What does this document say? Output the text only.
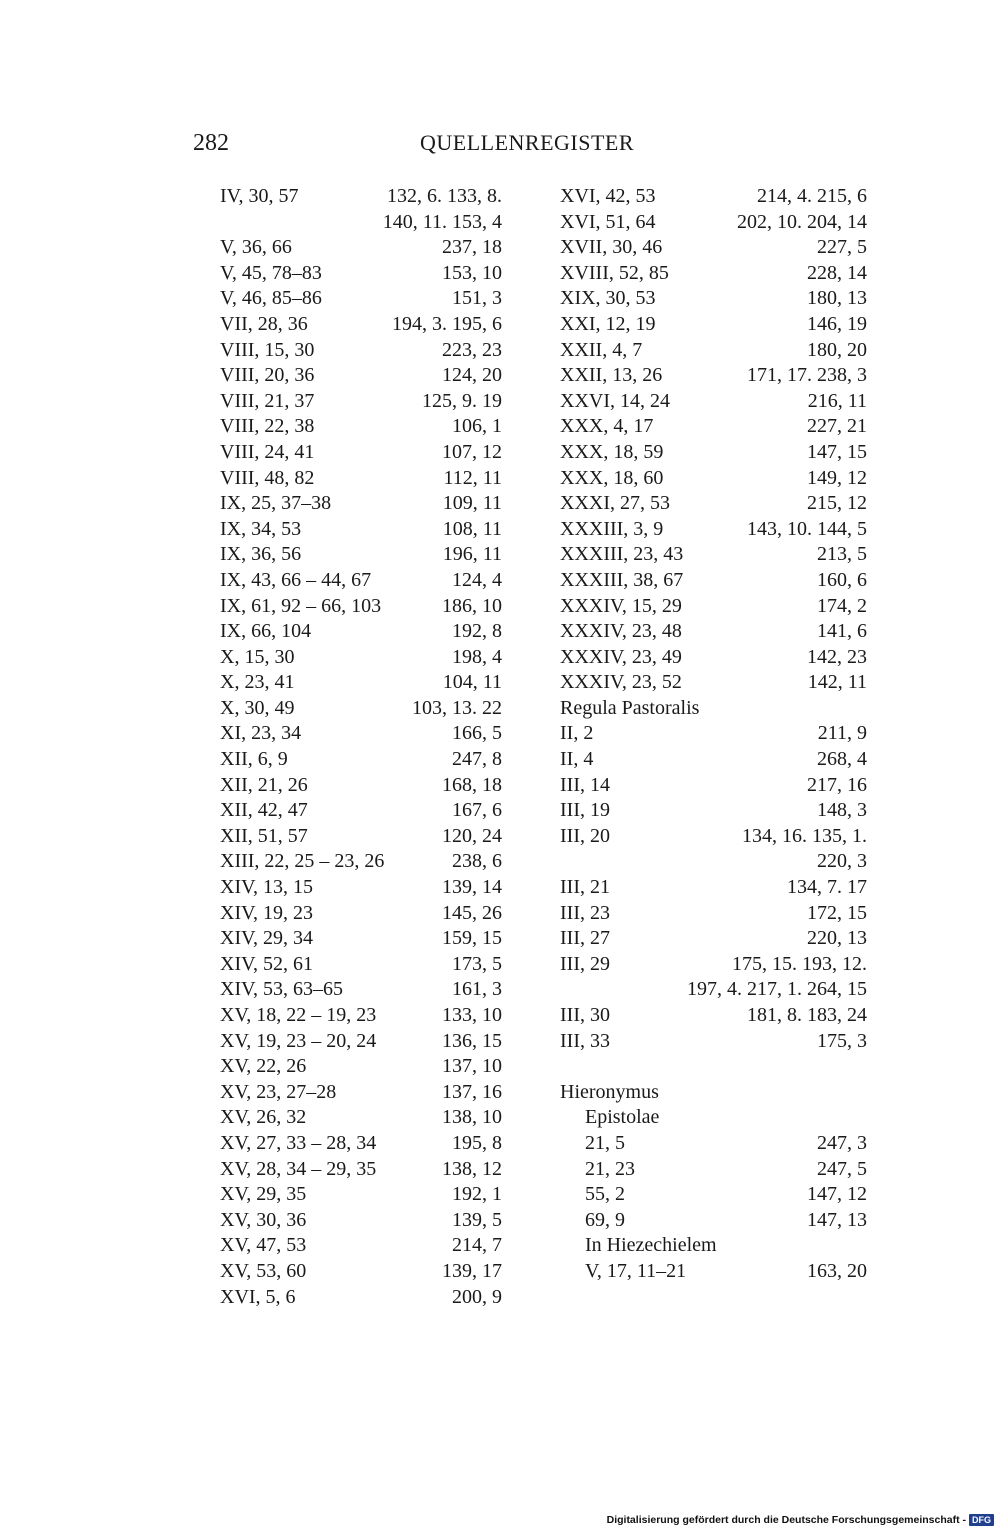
282	QUELLENREGISTER
IV, 30, 57	132, 6. 133, 8.
140, 11. 153, 4
V, 36, 66	237, 18
V, 45, 78–83	153, 10
V, 46, 85–86	151, 3
VII, 28, 36	194, 3. 195, 6
VIII, 15, 30	223, 23
VIII, 20, 36	124, 20
VIII, 21, 37	125, 9. 19
VIII, 22, 38	106, 1
VIII, 24, 41	107, 12
VIII, 48, 82	112, 11
IX, 25, 37–38	109, 11
IX, 34, 53	108, 11
IX, 36, 56	196, 11
IX, 43, 66 – 44, 67	124, 4
IX, 61, 92 – 66, 103	186, 10
IX, 66, 104	192, 8
X, 15, 30	198, 4
X, 23, 41	104, 11
X, 30, 49	103, 13. 22
XI, 23, 34	166, 5
XII, 6, 9	247, 8
XII, 21, 26	168, 18
XII, 42, 47	167, 6
XII, 51, 57	120, 24
XIII, 22, 25 – 23, 26	238, 6
XIV, 13, 15	139, 14
XIV, 19, 23	145, 26
XIV, 29, 34	159, 15
XIV, 52, 61	173, 5
XIV, 53, 63–65	161, 3
XV, 18, 22 – 19, 23	133, 10
XV, 19, 23 – 20, 24	136, 15
XV, 22, 26	137, 10
XV, 23, 27–28	137, 16
XV, 26, 32	138, 10
XV, 27, 33 – 28, 34	195, 8
XV, 28, 34 – 29, 35	138, 12
XV, 29, 35	192, 1
XV, 30, 36	139, 5
XV, 47, 53	214, 7
XV, 53, 60	139, 17
XVI, 5, 6	200, 9
XVI, 42, 53	214, 4. 215, 6
XVI, 51, 64	202, 10. 204, 14
XVII, 30, 46	227, 5
XVIII, 52, 85	228, 14
XIX, 30, 53	180, 13
XXI, 12, 19	146, 19
XXII, 4, 7	180, 20
XXII, 13, 26	171, 17. 238, 3
XXVI, 14, 24	216, 11
XXX, 4, 17	227, 21
XXX, 18, 59	147, 15
XXX, 18, 60	149, 12
XXXI, 27, 53	215, 12
XXXIII, 3, 9	143, 10. 144, 5
XXXIII, 23, 43	213, 5
XXXIII, 38, 67	160, 6
XXXIV, 15, 29	174, 2
XXXIV, 23, 48	141, 6
XXXIV, 23, 49	142, 23
XXXIV, 23, 52	142, 11
Regula Pastoralis
II, 2	211, 9
II, 4	268, 4
III, 14	217, 16
III, 19	148, 3
III, 20	134, 16. 135, 1.
220, 3
III, 21	134, 7. 17
III, 23	172, 15
III, 27	220, 13
III, 29	175, 15. 193, 12.
197, 4. 217, 1. 264, 15
III, 30	181, 8. 183, 24
III, 33	175, 3
Hieronymus
Epistolae
21, 5	247, 3
21, 23	247, 5
55, 2	147, 12
69, 9	147, 13
In Hiezechielem
V, 17, 11–21	163, 20
Digitalisierung gefördert durch die Deutsche Forschungsgemeinschaft - DFG
